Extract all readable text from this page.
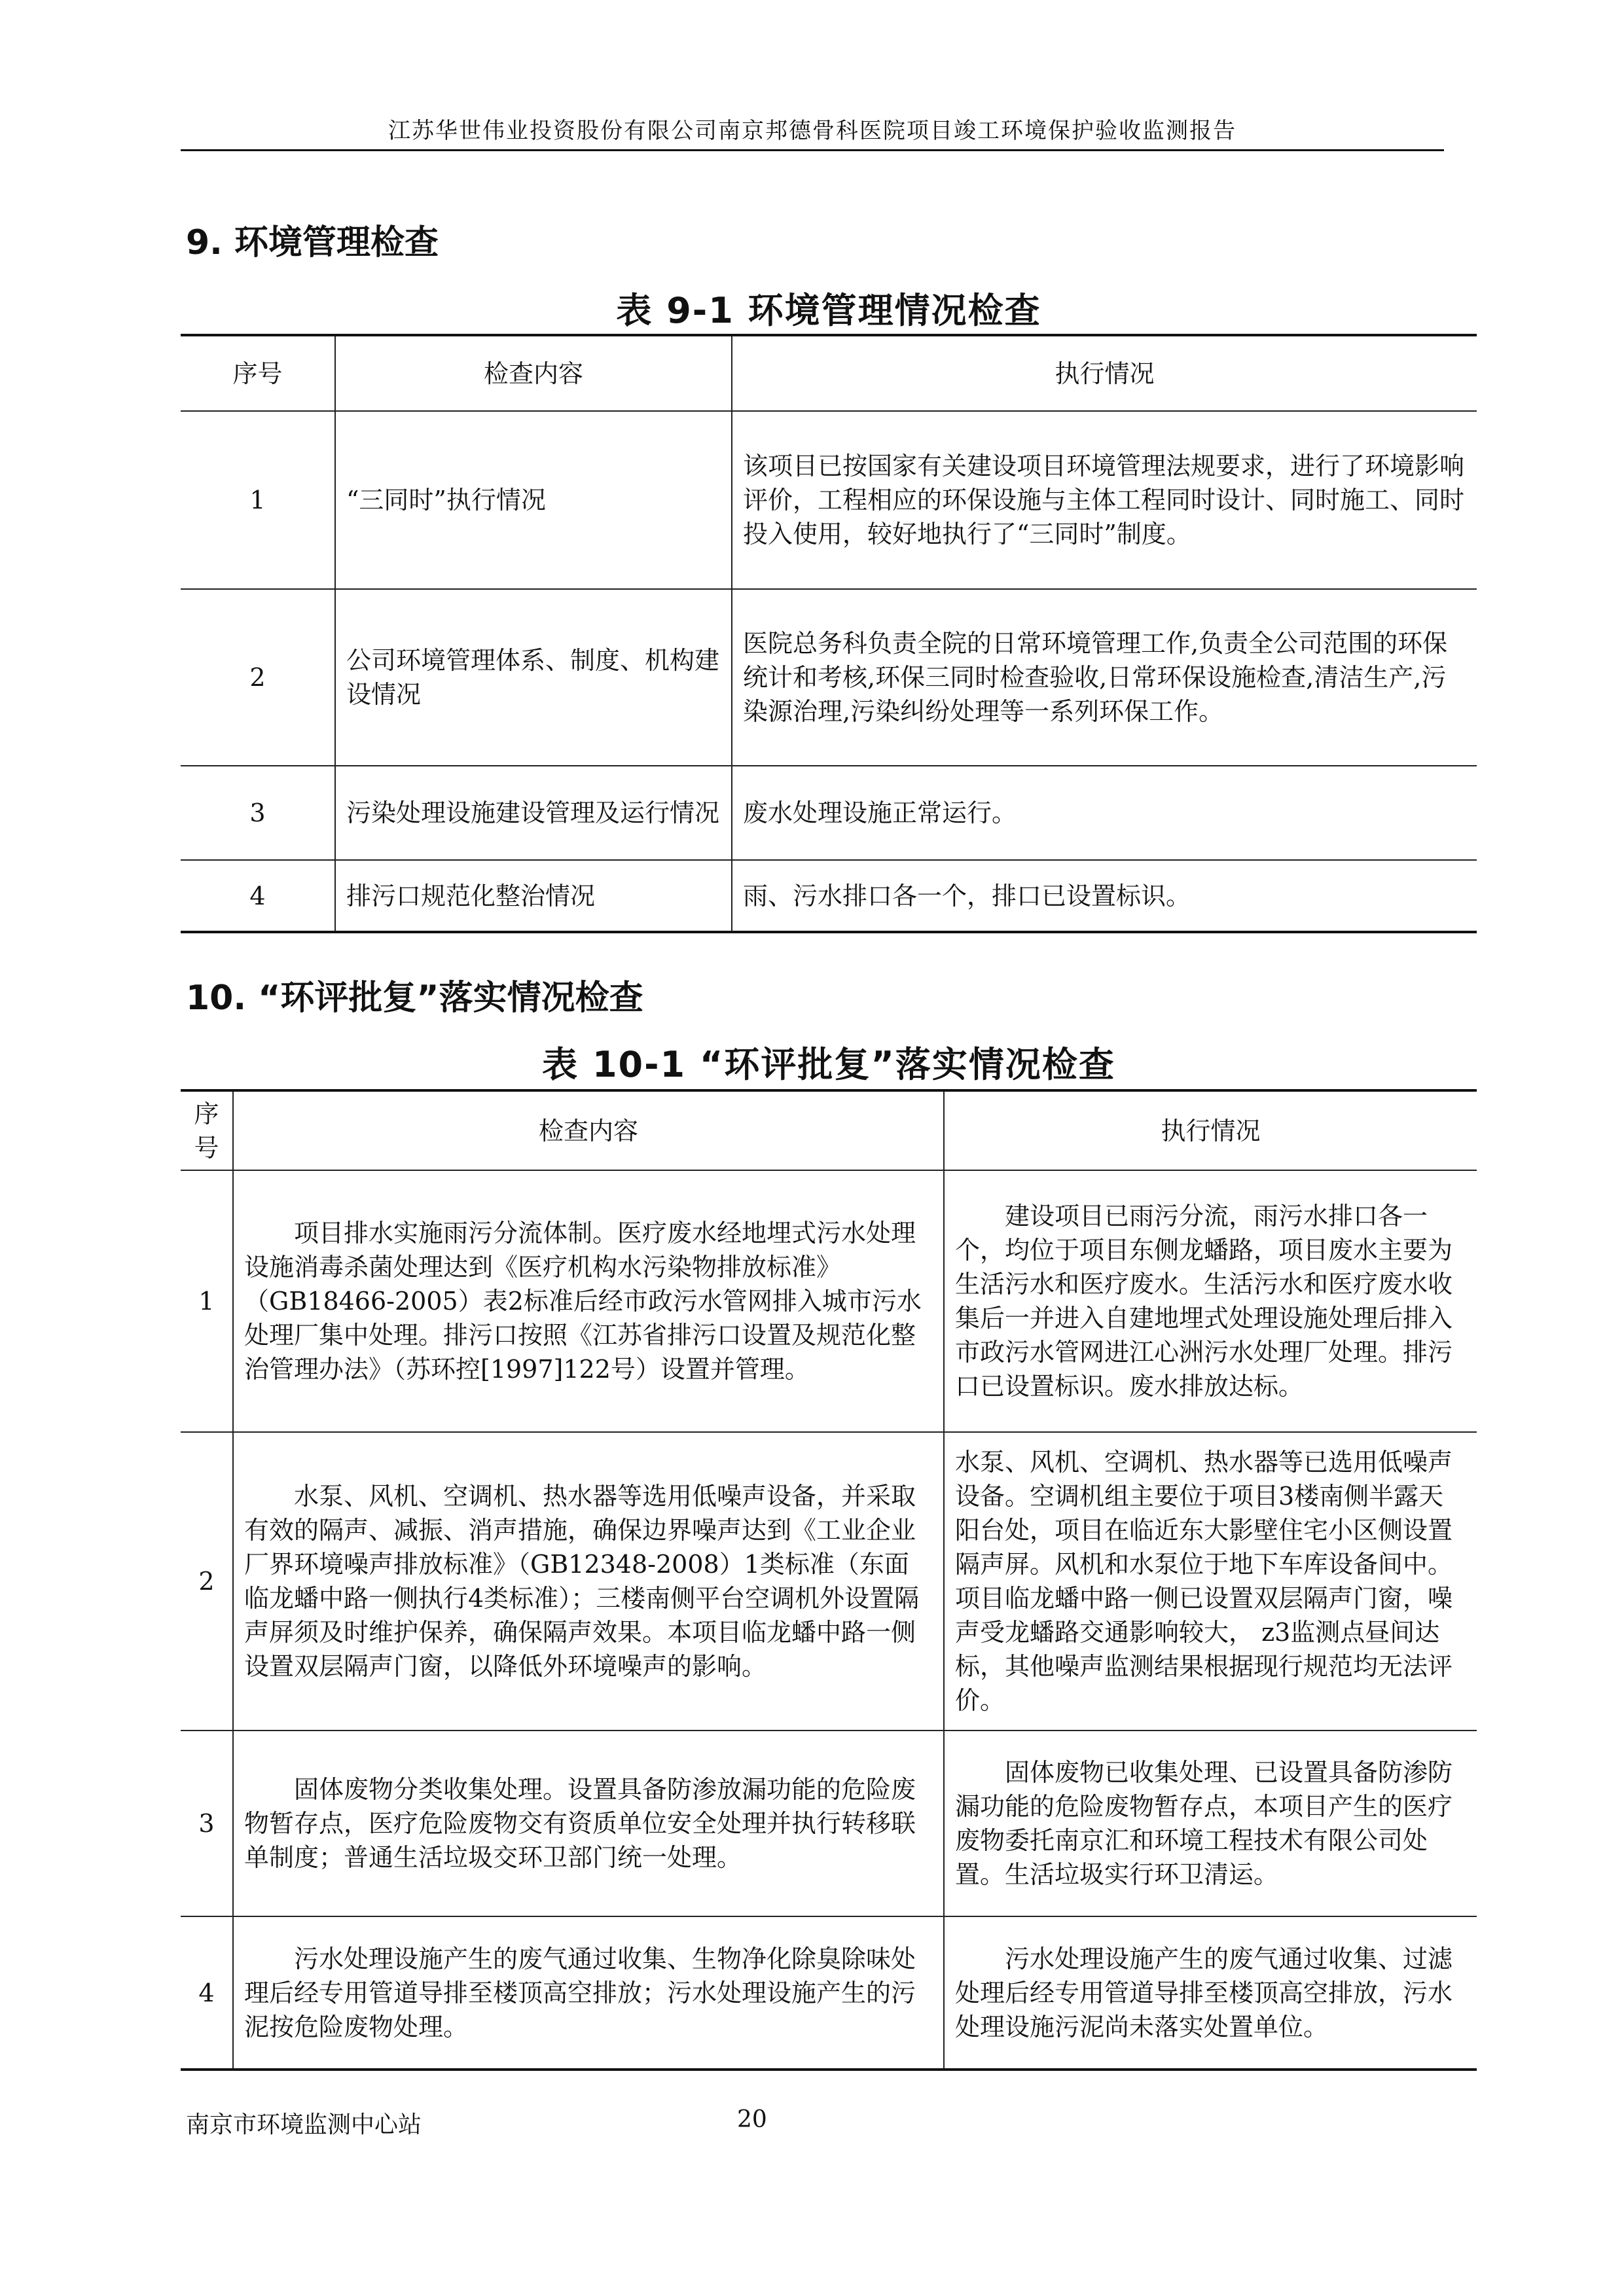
江苏华世伟业投资股份有限公司南京邦德骨科医院项目竣工环境保护验收监测报告
9. 环境管理检查
表 9-1 环境管理情况检查
序号	检查内容	执行情况
1	“三同时”执行情况	该项目已按国家有关建设项目环境管理法规要求，进行了环境影响评价，工程相应的环保设施与主体工程同时设计、同时施工、同时投入使用，较好地执行了“三同时”制度。
2	公司环境管理体系、制度、机构建设情况	医院总务科负责全院的日常环境管理工作,负责全公司范围的环保统计和考核,环保三同时检查验收,日常环保设施检查,清洁生产,污染源治理,污染纠纷处理等一系列环保工作。
3	污染处理设施建设管理及运行情况	废水处理设施正常运行。
4	排污口规范化整治情况	雨、污水排口各一个，排口已设置标识。
10. “环评批复”落实情况检查
表 10-1 “环评批复”落实情况检查
序号	检查内容	执行情况
1	项目排水实施雨污分流体制。医疗废水经地埋式污水处理设施消毒杀菌处理达到《医疗机构水污染物排放标准》（GB18466-2005）表2标准后经市政污水管网排入城市污水处理厂集中处理。排污口按照《江苏省排污口设置及规范化整治管理办法》（苏环控[1997]122号）设置并管理。	建设项目已雨污分流，雨污水排口各一个，均位于项目东侧龙蟠路，项目废水主要为生活污水和医疗废水。生活污水和医疗废水收集后一并进入自建地埋式处理设施处理后排入市政污水管网进江心洲污水处理厂处理。排污口已设置标识。废水排放达标。
2	水泵、风机、空调机、热水器等选用低噪声设备，并采取有效的隔声、减振、消声措施，确保边界噪声达到《工业企业厂界环境噪声排放标准》（GB12348-2008）1类标准（东面临龙蟠中路一侧执行4类标准）；三楼南侧平台空调机外设置隔声屏须及时维护保养，确保隔声效果。本项目临龙蟠中路一侧设置双层隔声门窗，以降低外环境噪声的影响。	水泵、风机、空调机、热水器等已选用低噪声设备。空调机组主要位于项目3楼南侧半露天阳台处，项目在临近东大影壁住宅小区侧设置隔声屏。风机和水泵位于地下车库设备间中。项目临龙蟠中路一侧已设置双层隔声门窗，噪声受龙蟠路交通影响较大， z3监测点昼间达标，其他噪声监测结果根据现行规范均无法评价。
3	固体废物分类收集处理。设置具备防渗放漏功能的危险废物暂存点，医疗危险废物交有资质单位安全处理并执行转移联单制度；普通生活垃圾交环卫部门统一处理。	固体废物已收集处理、已设置具备防渗防漏功能的危险废物暂存点，本项目产生的医疗废物委托南京汇和环境工程技术有限公司处置。生活垃圾实行环卫清运。
4	污水处理设施产生的废气通过收集、生物净化除臭除味处理后经专用管道导排至楼顶高空排放；污水处理设施产生的污泥按危险废物处理。	污水处理设施产生的废气通过收集、过滤处理后经专用管道导排至楼顶高空排放，污水处理设施污泥尚未落实处置单位。
南京市环境监测中心站	20
